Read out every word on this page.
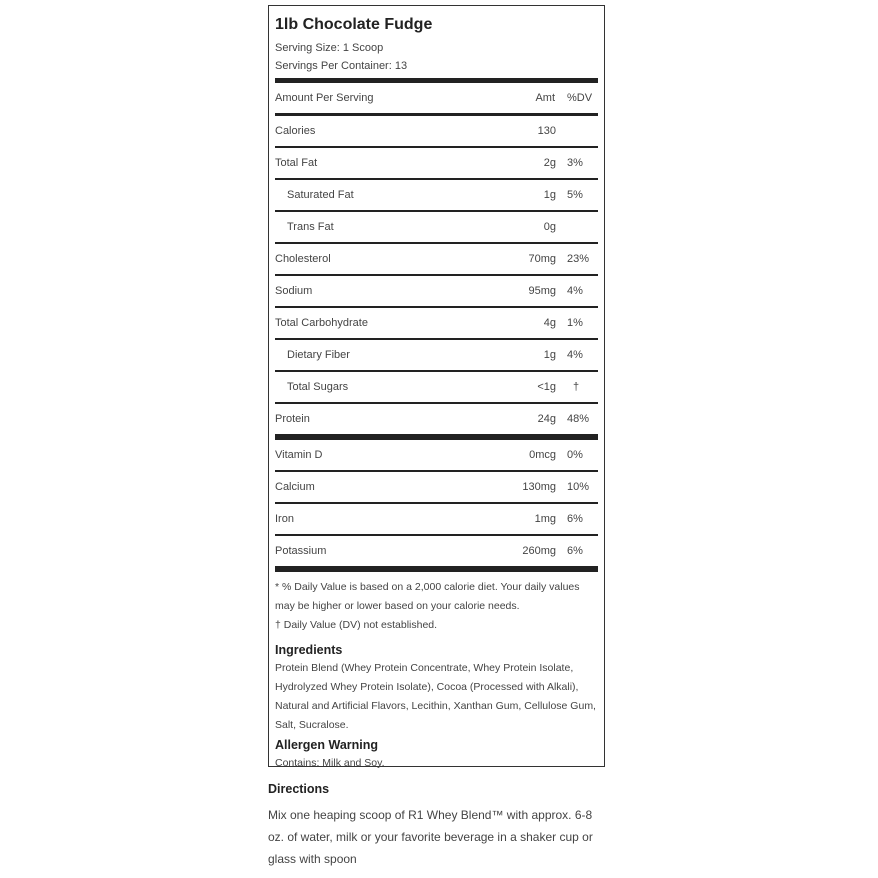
1lb Chocolate Fudge
Serving Size: 1 Scoop
Servings Per Container: 13
Amount Per Serving	Amt %DV
Calories	130
Total Fat	2g 3%
Saturated Fat	1g 5%
Trans Fat	0g
Cholesterol	70mg 23%
Sodium	95mg 4%
Total Carbohydrate	4g 1%
Dietary Fiber	1g 4%
Total Sugars	<1g †
Protein	24g 48%
Vitamin D	0mcg 0%
Calcium	130mg 10%
Iron	1mg 6%
Potassium	260mg 6%

* % Daily Value is based on a 2,000 calorie diet. Your daily values may be higher or lower based on your calorie needs.

† Daily Value (DV) not established.

Ingredients
Protein Blend (Whey Protein Concentrate, Whey Protein Isolate, Hydrolyzed Whey Protein Isolate), Cocoa (Processed with Alkali), Natural and Artificial Flavors, Lecithin, Xanthan Gum, Cellulose Gum, Salt, Sucralose.
Allergen Warning
Contains: Milk and Soy.
Directions
Mix one heaping scoop of R1 Whey Blend™ with approx. 6-8 oz. of water, milk or your favorite beverage in a shaker cup or glass with spoon
